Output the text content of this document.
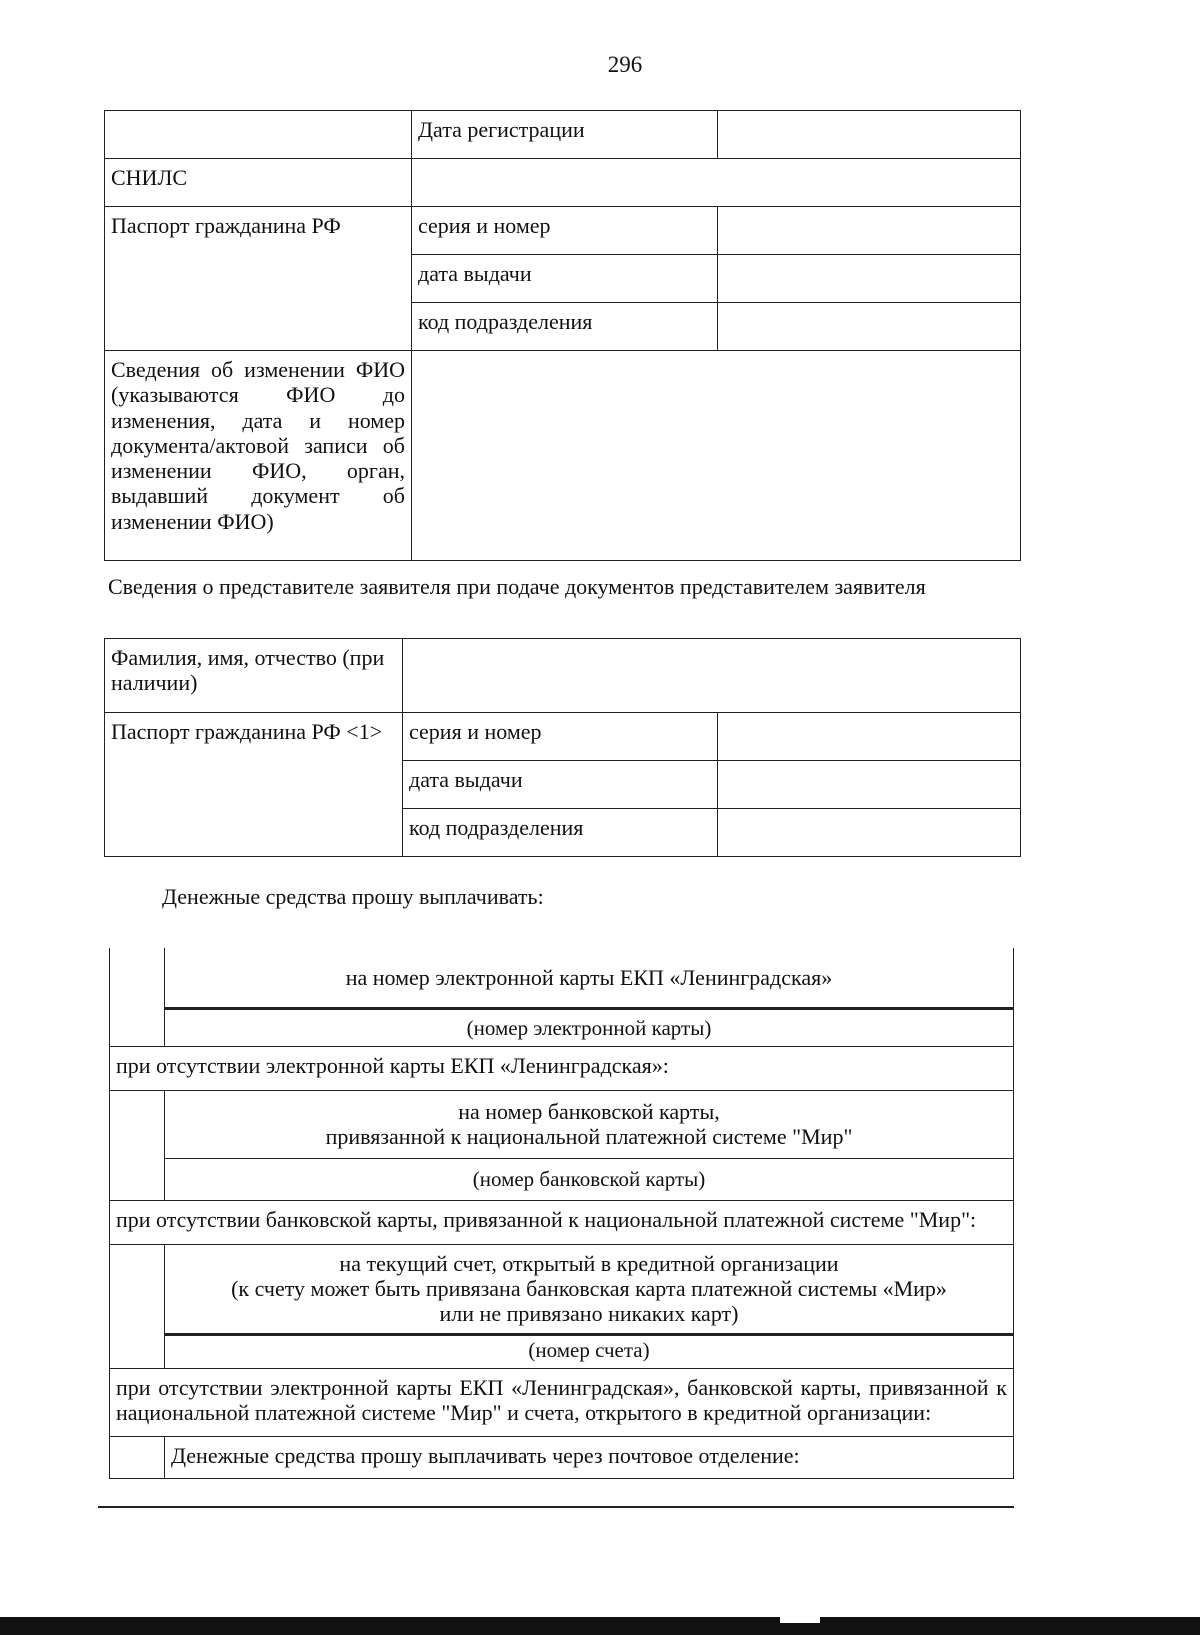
296
	Дата регистрации	
СНИЛС		
Паспорт гражданина РФ	серия и номер	
	дата выдачи	
	код подразделения	
Сведения об изменении ФИО (указываются ФИО до изменения, дата и номер документа/актовой записи об изменении ФИО, орган, выдавший документ об изменении ФИО)		
Сведения о представителе заявителя при подаче документов представителем заявителя
Фамилия, имя, отчество (при наличии)		
Паспорт гражданина РФ <1>	серия и номер	
	дата выдачи	
	код подразделения	
Денежные средства прошу выплачивать:
	на номер электронной карты ЕКП «Ленинградская»
	(номер электронной карты)
при отсутствии электронной карты ЕКП «Ленинградская»:	

	на номер банковской карты,
привязанной к национальной платежной системе "Мир"

	(номер банковской карты)
при отсутствии банковской карты, привязанной к национальной платежной системе "Мир":	

	на текущий счет, открытый в кредитной организации
(к счету может быть привязана банковская карта платежной системы «Мир»
или не привязано никаких карт)

	(номер счета)
при отсутствии электронной карты ЕКП «Ленинградская», банковской карты, привязанной к национальной платежной системе "Мир" и счета, открытого в кредитной организации:	
	Денежные средства прошу выплачивать через почтовое отделение:
